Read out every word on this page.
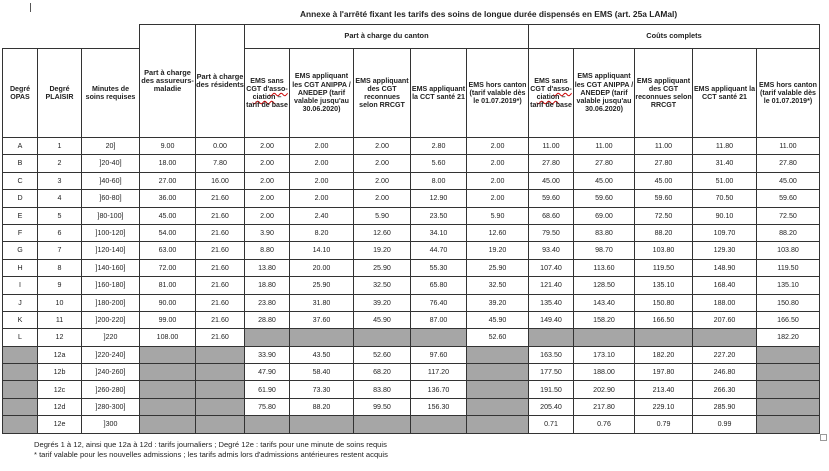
Annexe à l'arrêté fixant les tarifs des soins de longue durée dispensés en EMS (art. 25a LAMal)
			Part à charge des assureurs-maladie	Part à charge des résidents	Part à charge du canton					Coûts complets				
Degré OPAS	Degré PLAISIR	Minutes de soins requises			EMS sans CGT d'asso-ciation – tarif de base	EMS appliquant les CGT ANIPPA / ANEDEP (tarif valable jusqu'au 30.06.2020)	EMS appliquant des CGT reconnues selon RRCGT	EMS appliquant la CCT santé 21	EMS hors canton (tarif valable dès le 01.07.2019*)	EMS sans CGT d'asso-ciation – tarif de base	EMS appliquant les CGT ANIPPA / ANEDEP (tarif valable jusqu'au 30.06.2020)	EMS appliquant des CGT reconnues selon RRCGT	EMS appliquant la CCT santé 21	EMS hors canton (tarif valable dès le 01.07.2019*)
A	1	20]	9.00	0.00	2.00	2.00	2.00	2.80	2.00	11.00	11.00	11.00	11.80	11.00
B	2	]20-40]	18.00	7.80	2.00	2.00	2.00	5.60	2.00	27.80	27.80	27.80	31.40	27.80
C	3	]40-60]	27.00	16.00	2.00	2.00	2.00	8.00	2.00	45.00	45.00	45.00	51.00	45.00
D	4	]60-80]	36.00	21.60	2.00	2.00	2.00	12.90	2.00	59.60	59.60	59.60	70.50	59.60
E	5	]80-100]	45.00	21.60	2.00	2.40	5.90	23.50	5.90	68.60	69.00	72.50	90.10	72.50
F	6	]100-120]	54.00	21.60	3.90	8.20	12.60	34.10	12.60	79.50	83.80	88.20	109.70	88.20
G	7	]120-140]	63.00	21.60	8.80	14.10	19.20	44.70	19.20	93.40	98.70	103.80	129.30	103.80
H	8	]140-160]	72.00	21.60	13.80	20.00	25.90	55.30	25.90	107.40	113.60	119.50	148.90	119.50
I	9	]160-180]	81.00	21.60	18.80	25.90	32.50	65.80	32.50	121.40	128.50	135.10	168.40	135.10
J	10	]180-200]	90.00	21.60	23.80	31.80	39.20	76.40	39.20	135.40	143.40	150.80	188.00	150.80
K	11	]200-220]	99.00	21.60	28.80	37.60	45.90	87.00	45.90	149.40	158.20	166.50	207.60	166.50
L	12	]220	108.00	21.60					52.60					182.20
	12a	]220-240]			33.90	43.50	52.60	97.60		163.50	173.10	182.20	227.20	
	12b	]240-260]			47.90	58.40	68.20	117.20		177.50	188.00	197.80	246.80	
	12c	]260-280]			61.90	73.30	83.80	136.70		191.50	202.90	213.40	266.30	
	12d	]280-300]			75.80	88.20	99.50	156.30		205.40	217.80	229.10	285.90	
	12e	]300								0.71	0.76	0.79	0.99	
Degrés 1 à 12, ainsi que 12a à 12d : tarifs journaliers ; Degré 12e : tarifs pour une minute de soins requis
* tarif valable pour les nouvelles admissions ; les tarifs admis lors d'admissions antérieures restent acquis
